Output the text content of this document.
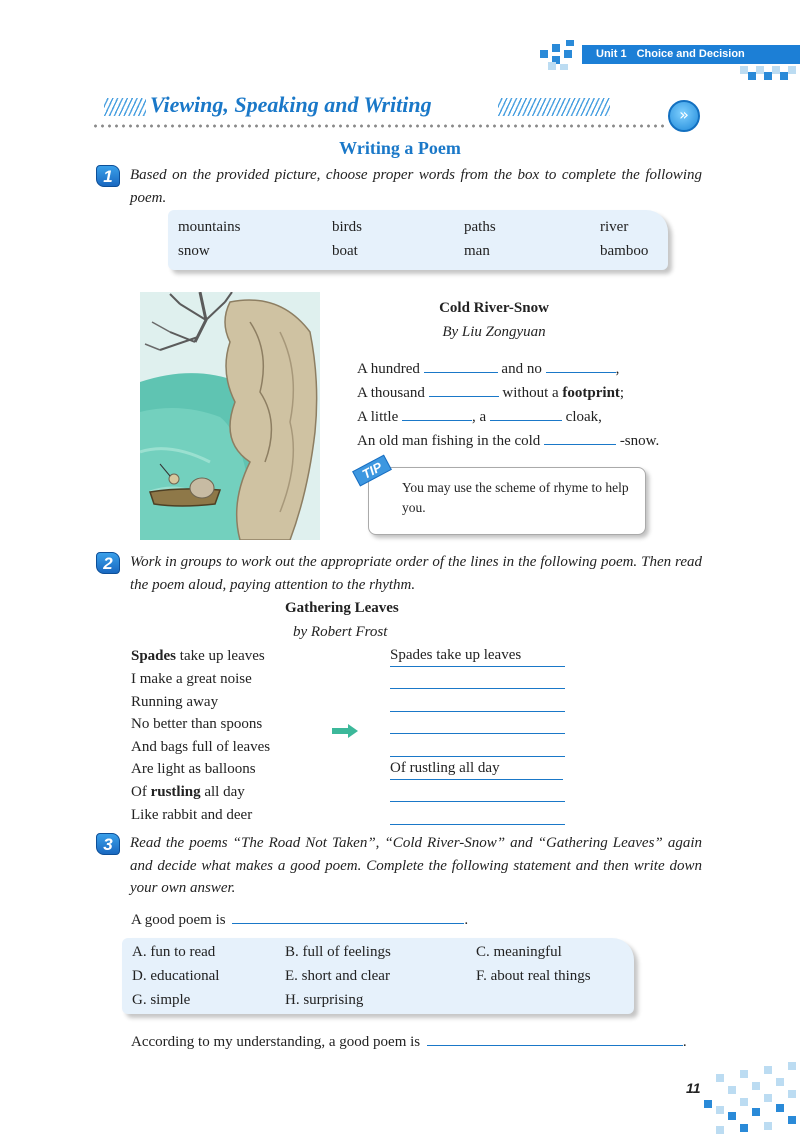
Unit 1 Choice and Decision
Viewing, Speaking and Writing	»
Writing a Poem
1	Based on the provided picture, choose proper words from the box to complete the following poem.
mountains	birds	paths	river
snow	boat	man	bamboo
Cold River-Snow
By Liu Zongyuan
A hundred	and no	,
A thousand	without a footprint;
A little	, a	cloak,
An old man fishing in the cold	-snow.
TIP
You may use the scheme of rhyme to help you.
2	Work in groups to work out the appropriate order of the lines in the following poem. Then read the poem aloud, paying attention to the rhythm.
Gathering Leaves
by Robert Frost
Spades take up leaves
I make a great noise
Running away
No better than spoons
And bags full of leaves
Are light as balloons
Of rustling all day
Like rabbit and deer
Spades take up leaves
Of rustling all day
3	Read the poems “The Road Not Taken”, “Cold River-Snow” and “Gathering Leaves” again and decide what makes a good poem. Complete the following statement and then write down your own answer.
A good poem is	.
A. fun to read	B. full of feelings	C. meaningful
D. educational	E. short and clear	F. about real things
G. simple	H. surprising
According to my understanding, a good poem is	.
11
